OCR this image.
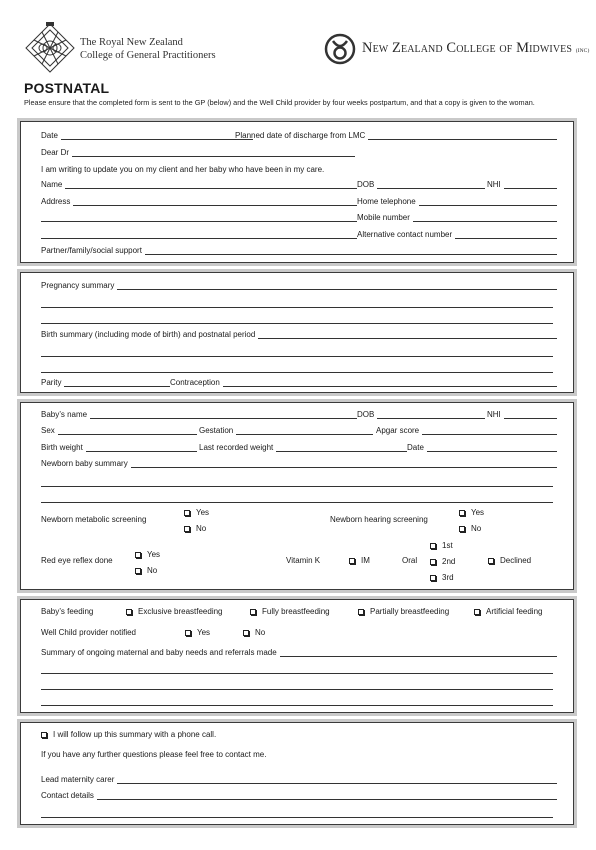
The Royal New Zealand
College of General Practitioners	New Zealand College of Midwives (INC)
POSTNATAL
Please ensure that the completed form is sent to the GP (below) and the Well Child provider by four weeks postpartum, and that a copy is given to the woman.
Date	Planned date of discharge from LMC
Dear Dr
I am writing to update you on my client and her baby who have been in my care.
Name	DOB	NHI
Address	Home telephone
Mobile number
Alternative contact number
Partner/family/social support
Pregnancy summary
Birth summary (including mode of birth) and postnatal period
Parity	Contraception
Baby’s name	DOB	NHI
Sex	Gestation	Apgar score
Birth weight	Last recorded weight	Date
Newborn baby summary
Newborn metabolic screening
Yes
No
Newborn hearing screening
Yes
No
Red eye reflex done
Yes
No
Vitamin K	IM	Oral
1st
2nd
3rd
Declined
Baby’s feeding	Exclusive breastfeeding	Fully breastfeeding	Partially breastfeeding	Artificial feeding
Well Child provider notified	Yes	No
Summary of ongoing maternal and baby needs and referrals made
I will follow up this summary with a phone call.
If you have any further questions please feel free to contact me.
Lead maternity carer
Contact details
